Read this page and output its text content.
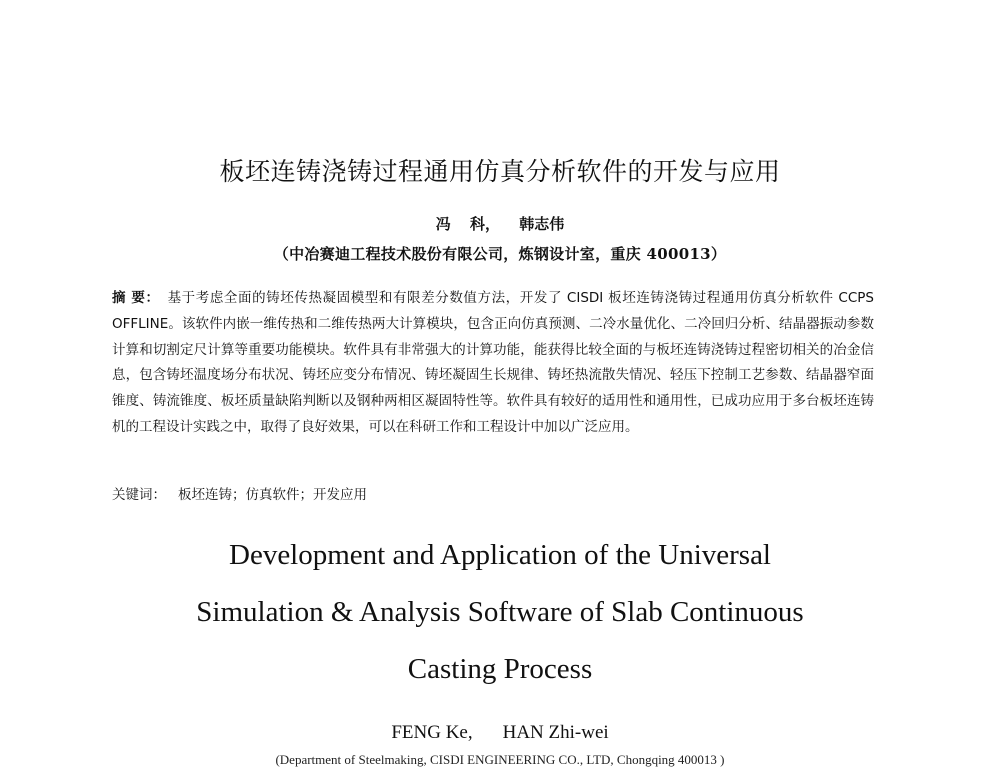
板坯连铸浇铸过程通用仿真分析软件的开发与应用
冯 科， 韩志伟
（中冶赛迪工程技术股份有限公司，炼钢设计室，重庆 400013）
摘 要： 基于考虑全面的铸坯传热凝固模型和有限差分数值方法，开发了 CISDI 板坯连铸浇铸过程通用仿真分析软件 CCPS OFFLINE。该软件内嵌一维传热和二维传热两大计算模块，包含正向仿真预测、二冷水量优化、二冷回归分析、结晶器振动参数计算和切割定尺计算等重要功能模块。软件具有非常强大的计算功能，能获得比较全面的与板坯连铸浇铸过程密切相关的冶金信息，包含铸坯温度场分布状况、铸坯应变分布情况、铸坯凝固生长规律、铸坯热流散失情况、轻压下控制工艺参数、结晶器窄面锥度、铸流锥度、板坯质量缺陷判断以及钢种两相区凝固特性等。软件具有较好的适用性和通用性，已成功应用于多台板坯连铸机的工程设计实践之中，取得了良好效果，可以在科研工作和工程设计中加以广泛应用。
关键词： 板坯连铸；仿真软件；开发应用
Development and Application of the Universal
Simulation & Analysis Software of Slab Continuous
Casting Process
FENG Ke, HAN Zhi-wei
(Department of Steelmaking, CISDI ENGINEERING CO., LTD, Chongqing 400013 )
